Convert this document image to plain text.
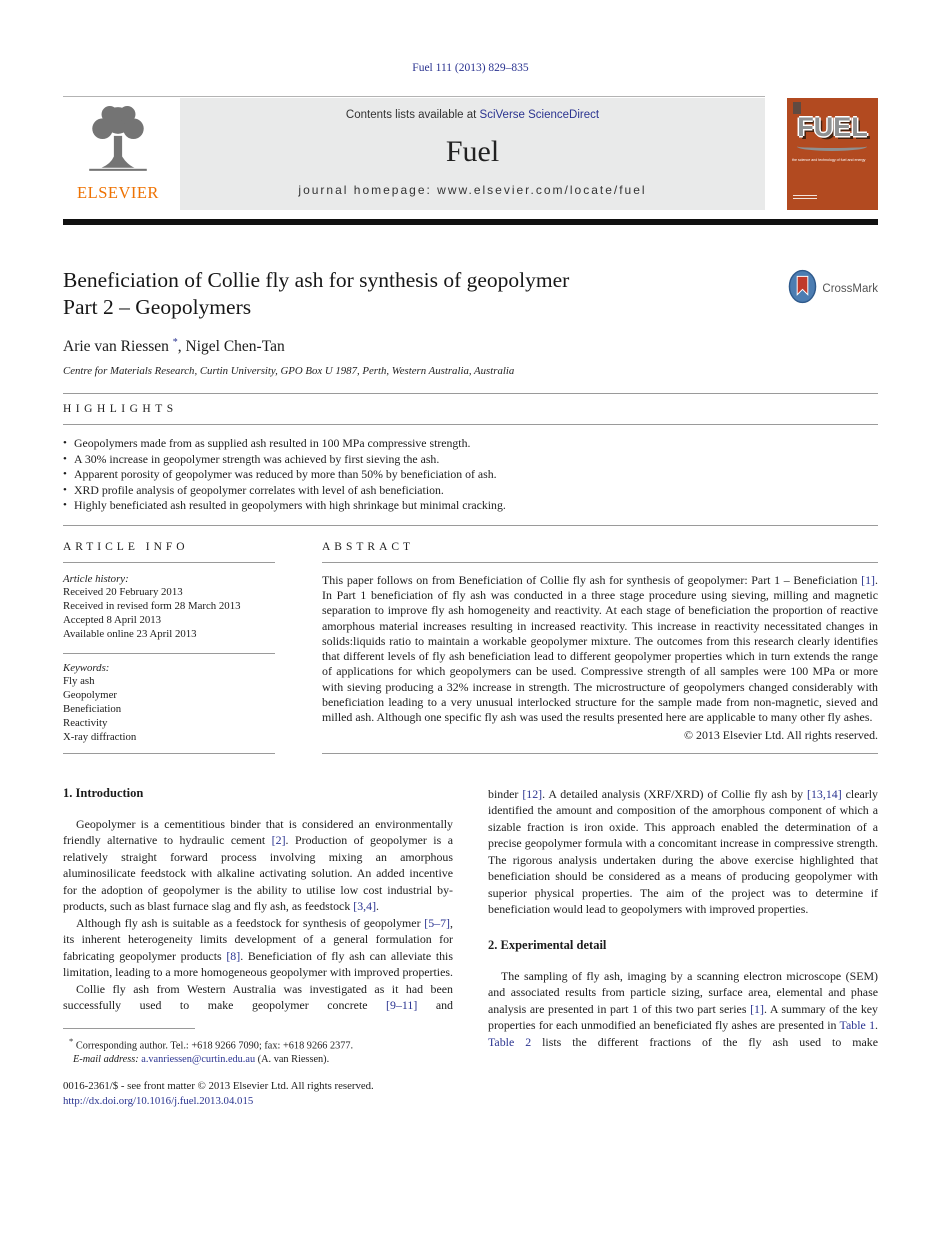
Fuel 111 (2013) 829–835
ELSEVIER
Contents lists available at SciVerse ScienceDirect
Fuel
journal homepage: www.elsevier.com/locate/fuel
FUEL
the science and technology of fuel and energy
Beneficiation of Collie fly ash for synthesis of geopolymer
Part 2 – Geopolymers
CrossMark
Arie van Riessen *, Nigel Chen-Tan
Centre for Materials Research, Curtin University, GPO Box U 1987, Perth, Western Australia, Australia
HIGHLIGHTS
• Geopolymers made from as supplied ash resulted in 100 MPa compressive strength.
• A 30% increase in geopolymer strength was achieved by first sieving the ash.
• Apparent porosity of geopolymer was reduced by more than 50% by beneficiation of ash.
• XRD profile analysis of geopolymer correlates with level of ash beneficiation.
• Highly beneficiated ash resulted in geopolymers with high shrinkage but minimal cracking.
ARTICLE INFO
Article history:
Received 20 February 2013
Received in revised form 28 March 2013
Accepted 8 April 2013
Available online 23 April 2013
Keywords:
Fly ash
Geopolymer
Beneficiation
Reactivity
X-ray diffraction
ABSTRACT
This paper follows on from Beneficiation of Collie fly ash for synthesis of geopolymer: Part 1 – Beneficiation [1]. In Part 1 beneficiation of fly ash was conducted in a three stage procedure using sieving, milling and magnetic separation to improve fly ash homogeneity and reactivity. At each stage of beneficiation the proportion of reactive amorphous material increases resulting in increased reactivity. This increase in reactivity necessitated changes in solids:liquids ratio to maintain a workable geopolymer mixture. The outcomes from this research clearly identifies that different levels of fly ash beneficiation lead to different geopolymer properties which in turn extends the range of applications for which geopolymers can be used. Compressive strength of all samples were 100 MPa or more with sieving producing a 32% increase in strength. The microstructure of geopolymers changed considerably with beneficiation leading to a very unusual interlocked structure for the sample made from non-magnetic, sieved and milled ash. Although one specific fly ash was used the results presented here are applicable to many other fly ashes.
© 2013 Elsevier Ltd. All rights reserved.
1. Introduction

Geopolymer is a cementitious binder that is considered an environmentally friendly alternative to hydraulic cement [2]. Production of geopolymer is a relatively straight forward process involving mixing an amorphous aluminosilicate feedstock with alkaline activating solution. An added incentive for the adoption of geopolymer is the ability to utilise low cost industrial by-products, such as blast furnace slag and fly ash, as feedstock [3,4].

Although fly ash is suitable as a feedstock for synthesis of geopolymer [5–7], its inherent heterogeneity limits development of a general formulation for fabricating geopolymer products [8]. Beneficiation of fly ash can alleviate this limitation, leading to a more homogeneous geopolymer with improved properties.

Collie fly ash from Western Australia was investigated as it had been successfully used to make geopolymer concrete [9–11] and

* Corresponding author. Tel.: +618 9266 7090; fax: +618 9266 2377.
E-mail address: a.vanriessen@curtin.edu.au (A. van Riessen).
0016-2361/$ - see front matter © 2013 Elsevier Ltd. All rights reserved.
http://dx.doi.org/10.1016/j.fuel.2013.04.015

binder [12]. A detailed analysis (XRF/XRD) of Collie fly ash by [13,14] clearly identified the amount and composition of the amorphous component of which a sizable fraction is iron oxide. This approach enabled the determination of a precise geopolymer formula with a concomitant increase in compressive strength. The rigorous analysis undertaken during the above exercise highlighted that beneficiation should be considered as a means of producing geopolymer with superior physical properties. The aim of the project was to determine if beneficiation would lead to geopolymers with improved properties.

2. Experimental detail

The sampling of fly ash, imaging by a scanning electron microscope (SEM) and associated results from particle sizing, surface area, elemental and phase analysis are presented in part 1 of this two part series [1]. A summary of the key properties for each unmodified an beneficiated fly ashes are presented in Table 1. Table 2 lists the different fractions of the fly ash used to make
